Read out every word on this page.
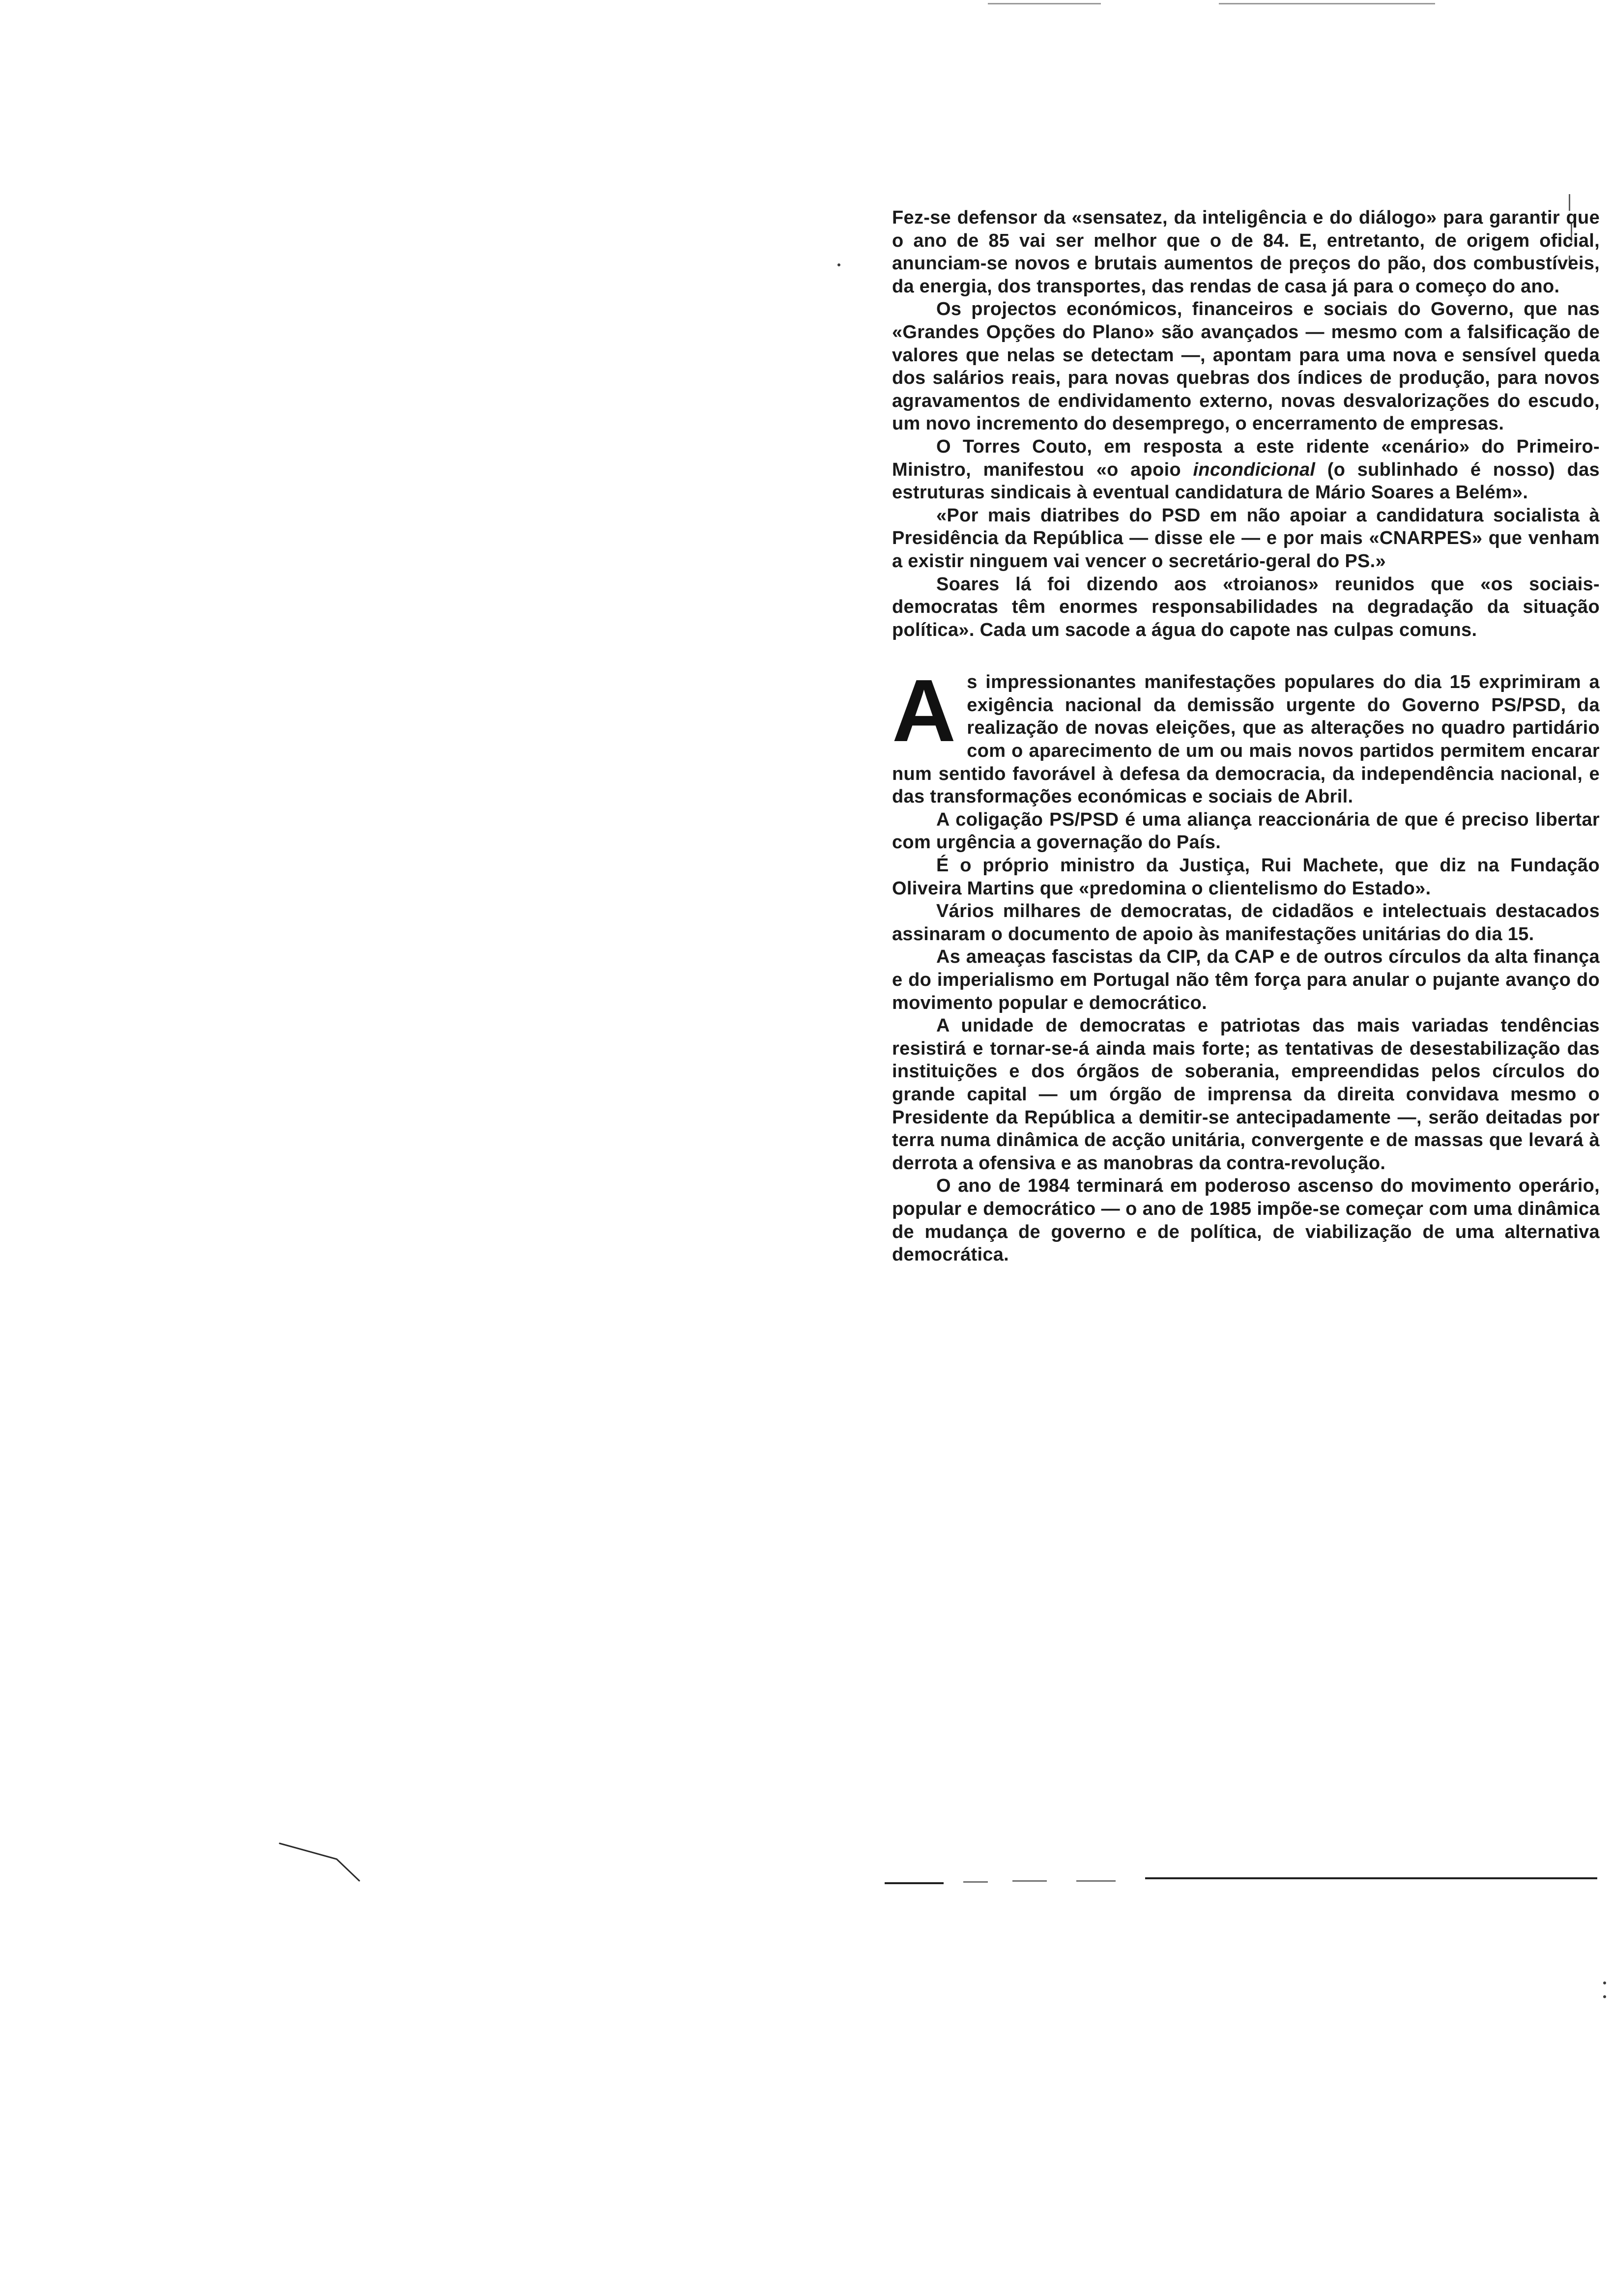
Fez-se defensor da «sensatez, da inteligência e do diálogo» para garantir que o ano de 85 vai ser melhor que o de 84. E, entretanto, de origem oficial, anunciam-se novos e brutais aumentos de preços do pão, dos combustíveis, da energia, dos transportes, das rendas de casa já para o começo do ano.

Os projectos económicos, financeiros e sociais do Governo, que nas «Grandes Opções do Plano» são avançados — mesmo com a falsificação de valores que nelas se detectam —, apontam para uma nova e sensível queda dos salários reais, para novas quebras dos índices de produção, para novos agravamentos de endividamento externo, novas desvalorizações do escudo, um novo incremento do desemprego, o encerramento de empresas.

O Torres Couto, em resposta a este ridente «cenário» do Primeiro-Ministro, manifestou «o apoio incondicional (o sublinhado é nosso) das estruturas sindicais à eventual candidatura de Mário Soares a Belém».

«Por mais diatribes do PSD em não apoiar a candidatura socialista à Presidência da República — disse ele — e por mais «CNARPES» que venham a existir ninguem vai vencer o secretário-geral do PS.»

Soares lá foi dizendo aos «troianos» reunidos que «os sociais-democratas têm enormes responsabilidades na degradação da situação política». Cada um sacode a água do capote nas culpas comuns.

As impressionantes manifestações populares do dia 15 exprimiram a exigência nacional da demissão urgente do Governo PS/PSD, da realização de novas eleições, que as alterações no quadro partidário com o aparecimento de um ou mais novos partidos permitem encarar num sentido favorável à defesa da democracia, da independência nacional, e das transformações económicas e sociais de Abril.

A coligação PS/PSD é uma aliança reaccionária de que é preciso libertar com urgência a governação do País.

É o próprio ministro da Justiça, Rui Machete, que diz na Fundação Oliveira Martins que «predomina o clientelismo do Estado».

Vários milhares de democratas, de cidadãos e intelectuais destacados assinaram o documento de apoio às manifestações unitárias do dia 15.

As ameaças fascistas da CIP, da CAP e de outros círculos da alta finança e do imperialismo em Portugal não têm força para anular o pujante avanço do movimento popular e democrático.

A unidade de democratas e patriotas das mais variadas tendências resistirá e tornar-se-á ainda mais forte; as tentativas de desestabilização das instituições e dos órgãos de soberania, empreendidas pelos círculos do grande capital — um órgão de imprensa da direita convidava mesmo o Presidente da República a demitir-se antecipadamente —, serão deitadas por terra numa dinâmica de acção unitária, convergente e de massas que levará à derrota a ofensiva e as manobras da contra-revolução.

O ano de 1984 terminará em poderoso ascenso do movimento operário, popular e democrático — o ano de 1985 impõe-se começar com uma dinâmica de mudança de governo e de política, de viabilização de uma alternativa democrática.
